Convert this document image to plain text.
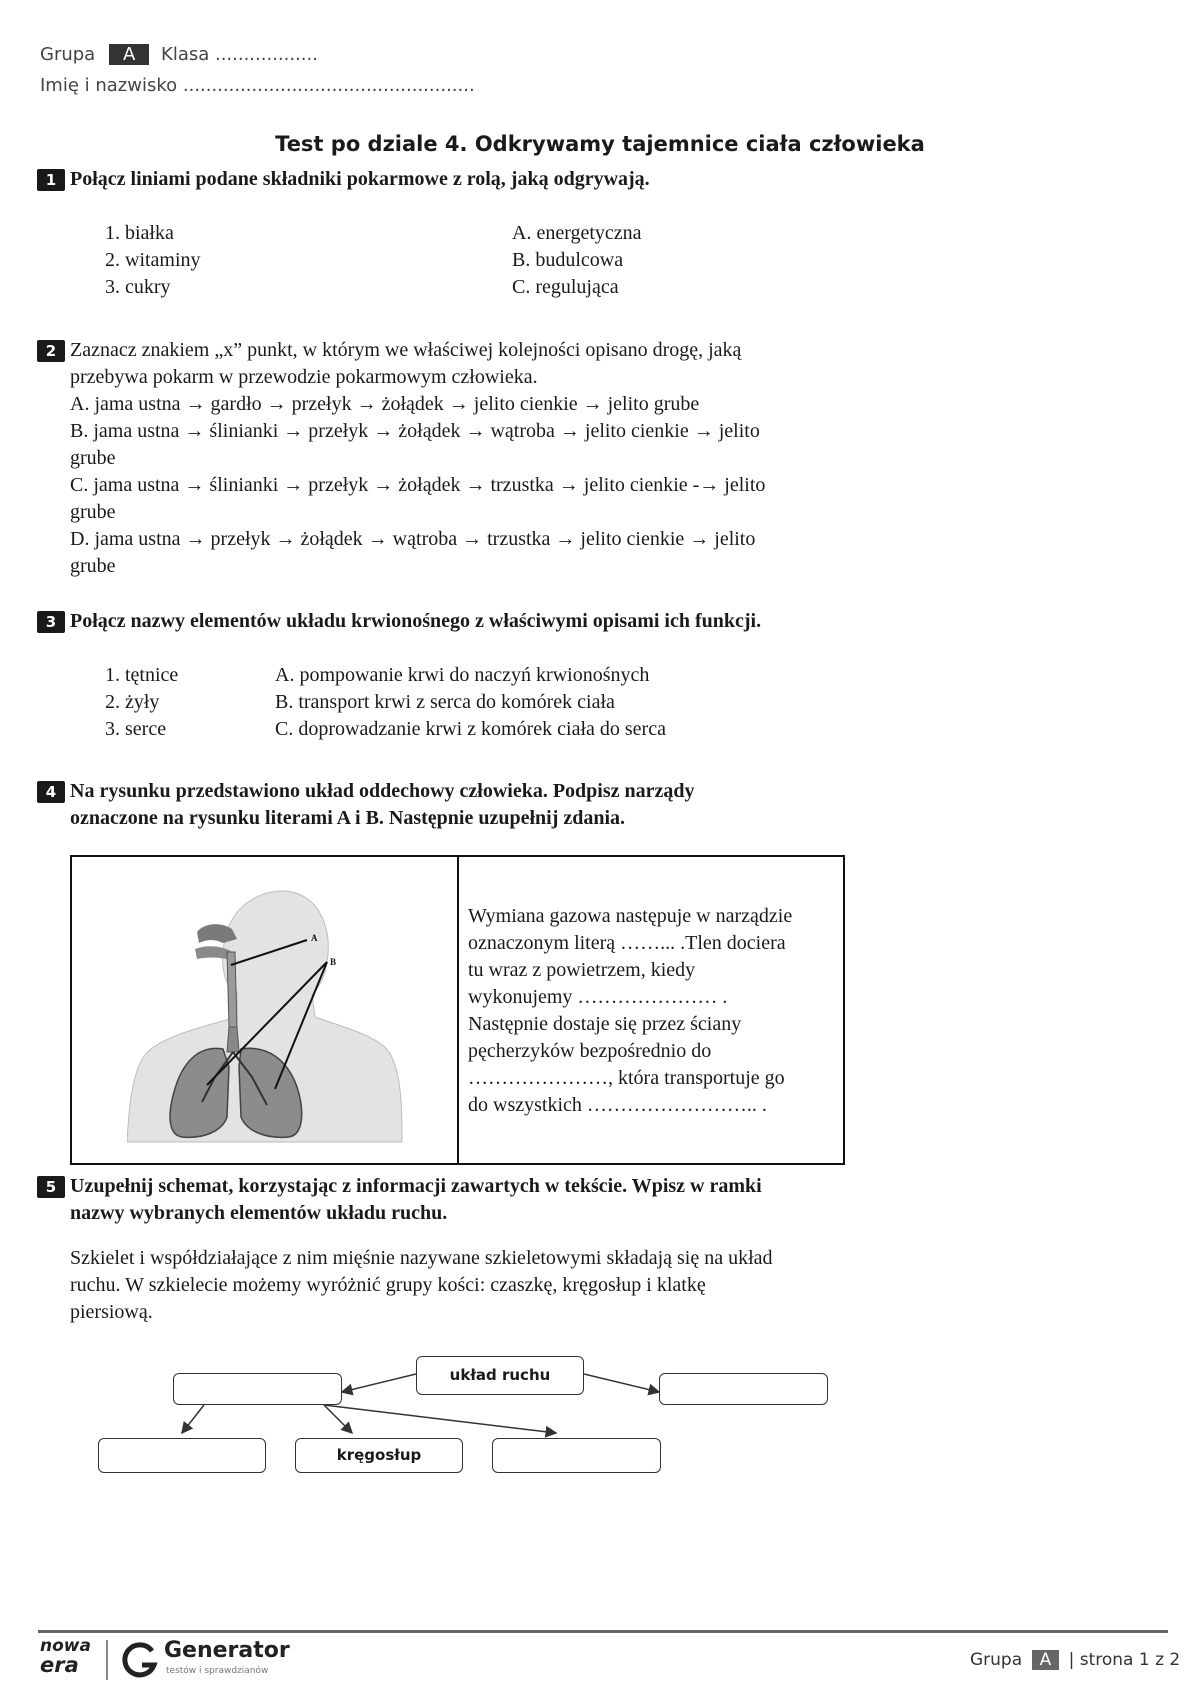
Grupa A Klasa ..................
Imię i nazwisko ...................................................
Test po dziale 4. Odkrywamy tajemnice ciała człowieka
1 Połącz liniami podane składniki pokarmowe z rolą, jaką odgrywają.
1. białka
2. witaminy
3. cukry
A. energetyczna
B. budulcowa
C. regulująca
2 Zaznacz znakiem „x” punkt, w którym we właściwej kolejności opisano drogę, jaką
przebywa pokarm w przewodzie pokarmowym człowieka.
A. jama ustna → gardło → przełyk → żołądek → jelito cienkie → jelito grube
B. jama ustna → ślinianki → przełyk → żołądek → wątroba → jelito cienkie → jelito
grube
C. jama ustna → ślinianki → przełyk → żołądek → trzustka → jelito cienkie -→ jelito
grube
D. jama ustna → przełyk → żołądek → wątroba → trzustka → jelito cienkie → jelito
grube
3 Połącz nazwy elementów układu krwionośnego z właściwymi opisami ich funkcji.
1. tętnice
2. żyły
3. serce
A. pompowanie krwi do naczyń krwionośnych
B. transport krwi z serca do komórek ciała
C. doprowadzanie krwi z komórek ciała do serca
4 Na rysunku przedstawiono układ oddechowy człowieka. Podpisz narządy
oznaczone na rysunku literami A i B. Następnie uzupełnij zdania.
A
B
Wymiana gazowa następuje w narządzie
oznaczonym literą ……... .Tlen dociera
tu wraz z powietrzem, kiedy
wykonujemy ………………… .
Następnie dostaje się przez ściany
pęcherzyków bezpośrednio do
…………………, która transportuje go
do wszystkich …………………….. .
5 Uzupełnij schemat, korzystając z informacji zawartych w tekście. Wpisz w ramki
nazwy wybranych elementów układu ruchu.
Szkielet i współdziałające z nim mięśnie nazywane szkieletowymi składają się na układ
ruchu. W szkielecie możemy wyróżnić grupy kości: czaszkę, kręgosłup i klatkę
piersiową.
układ ruchu
kręgosłup
nowa
era
Generator
testów i sprawdzianów
Grupa A | strona 1 z 2
